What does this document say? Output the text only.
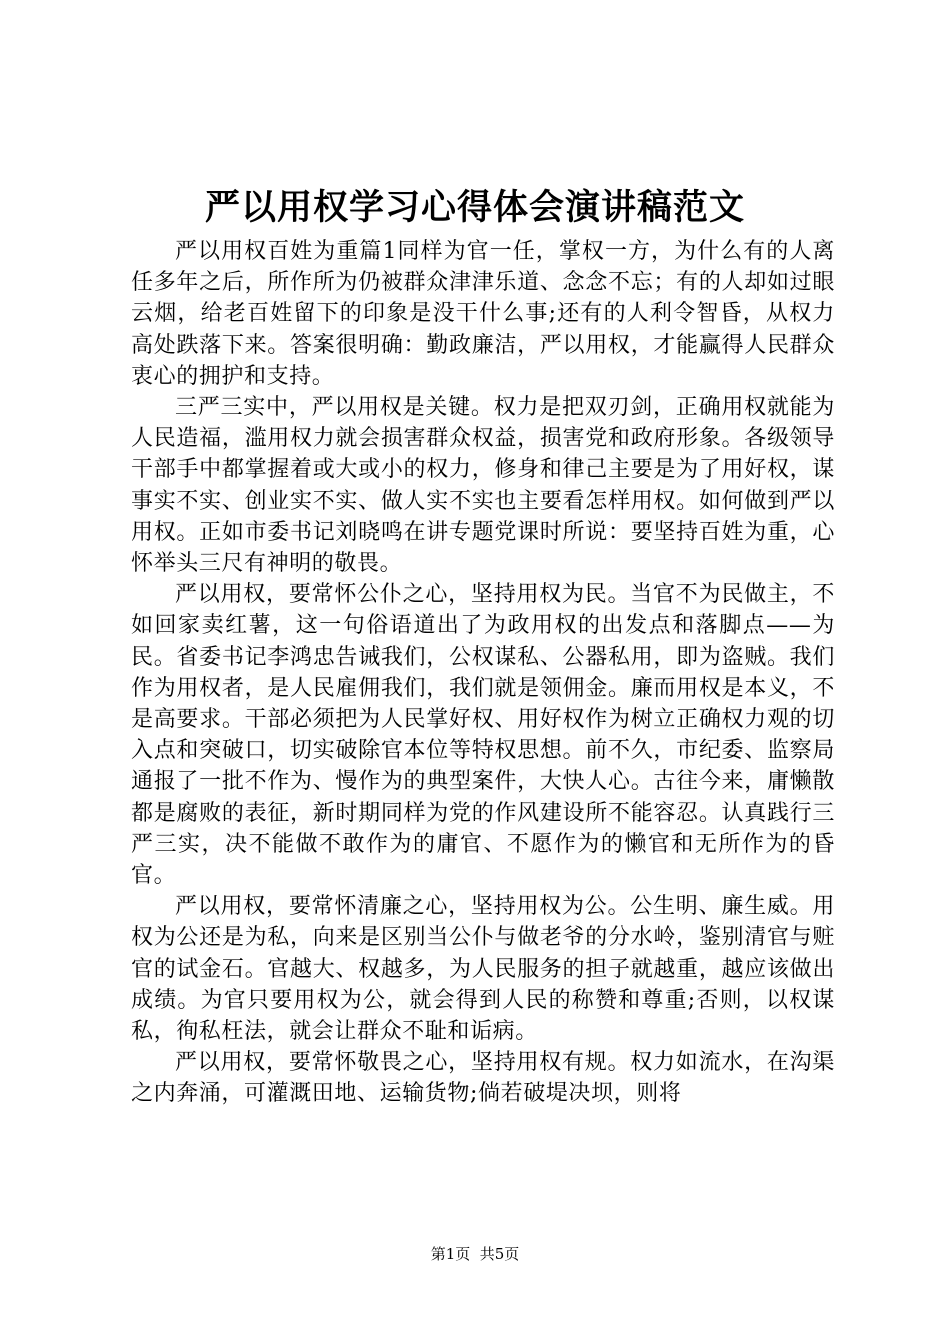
严以用权学习心得体会演讲稿范文

严以用权百姓为重篇1同样为官一任，掌权一方，为什么有的人离任多年之后，所作所为仍被群众津津乐道、念念不忘；有的人却如过眼云烟，给老百姓留下的印象是没干什么事;还有的人利令智昏，从权力高处跌落下来。答案很明确：勤政廉洁，严以用权，才能赢得人民群众衷心的拥护和支持。

三严三实中，严以用权是关键。权力是把双刃剑，正确用权就能为人民造福，滥用权力就会损害群众权益，损害党和政府形象。各级领导干部手中都掌握着或大或小的权力，修身和律己主要是为了用好权，谋事实不实、创业实不实、做人实不实也主要看怎样用权。如何做到严以用权。正如市委书记刘晓鸣在讲专题党课时所说：要坚持百姓为重，心怀举头三尺有神明的敬畏。

严以用权，要常怀公仆之心，坚持用权为民。当官不为民做主，不如回家卖红薯，这一句俗语道出了为政用权的出发点和落脚点——为民。省委书记李鸿忠告诫我们，公权谋私、公器私用，即为盗贼。我们作为用权者，是人民雇佣我们，我们就是领佣金。廉而用权是本义，不是高要求。干部必须把为人民掌好权、用好权作为树立正确权力观的切入点和突破口，切实破除官本位等特权思想。前不久，市纪委、监察局通报了一批不作为、慢作为的典型案件，大快人心。古往今来，庸懒散都是腐败的表征，新时期同样为党的作风建设所不能容忍。认真践行三严三实，决不能做不敢作为的庸官、不愿作为的懒官和无所作为的昏官。

严以用权，要常怀清廉之心，坚持用权为公。公生明、廉生威。用权为公还是为私，向来是区别当公仆与做老爷的分水岭，鉴别清官与赃官的试金石。官越大、权越多，为人民服务的担子就越重，越应该做出成绩。为官只要用权为公，就会得到人民的称赞和尊重;否则，以权谋私，徇私枉法，就会让群众不耻和诟病。

严以用权，要常怀敬畏之心，坚持用权有规。权力如流水，在沟渠之内奔涌，可灌溉田地、运输货物;倘若破堤决坝，则将

第1页  共5页
